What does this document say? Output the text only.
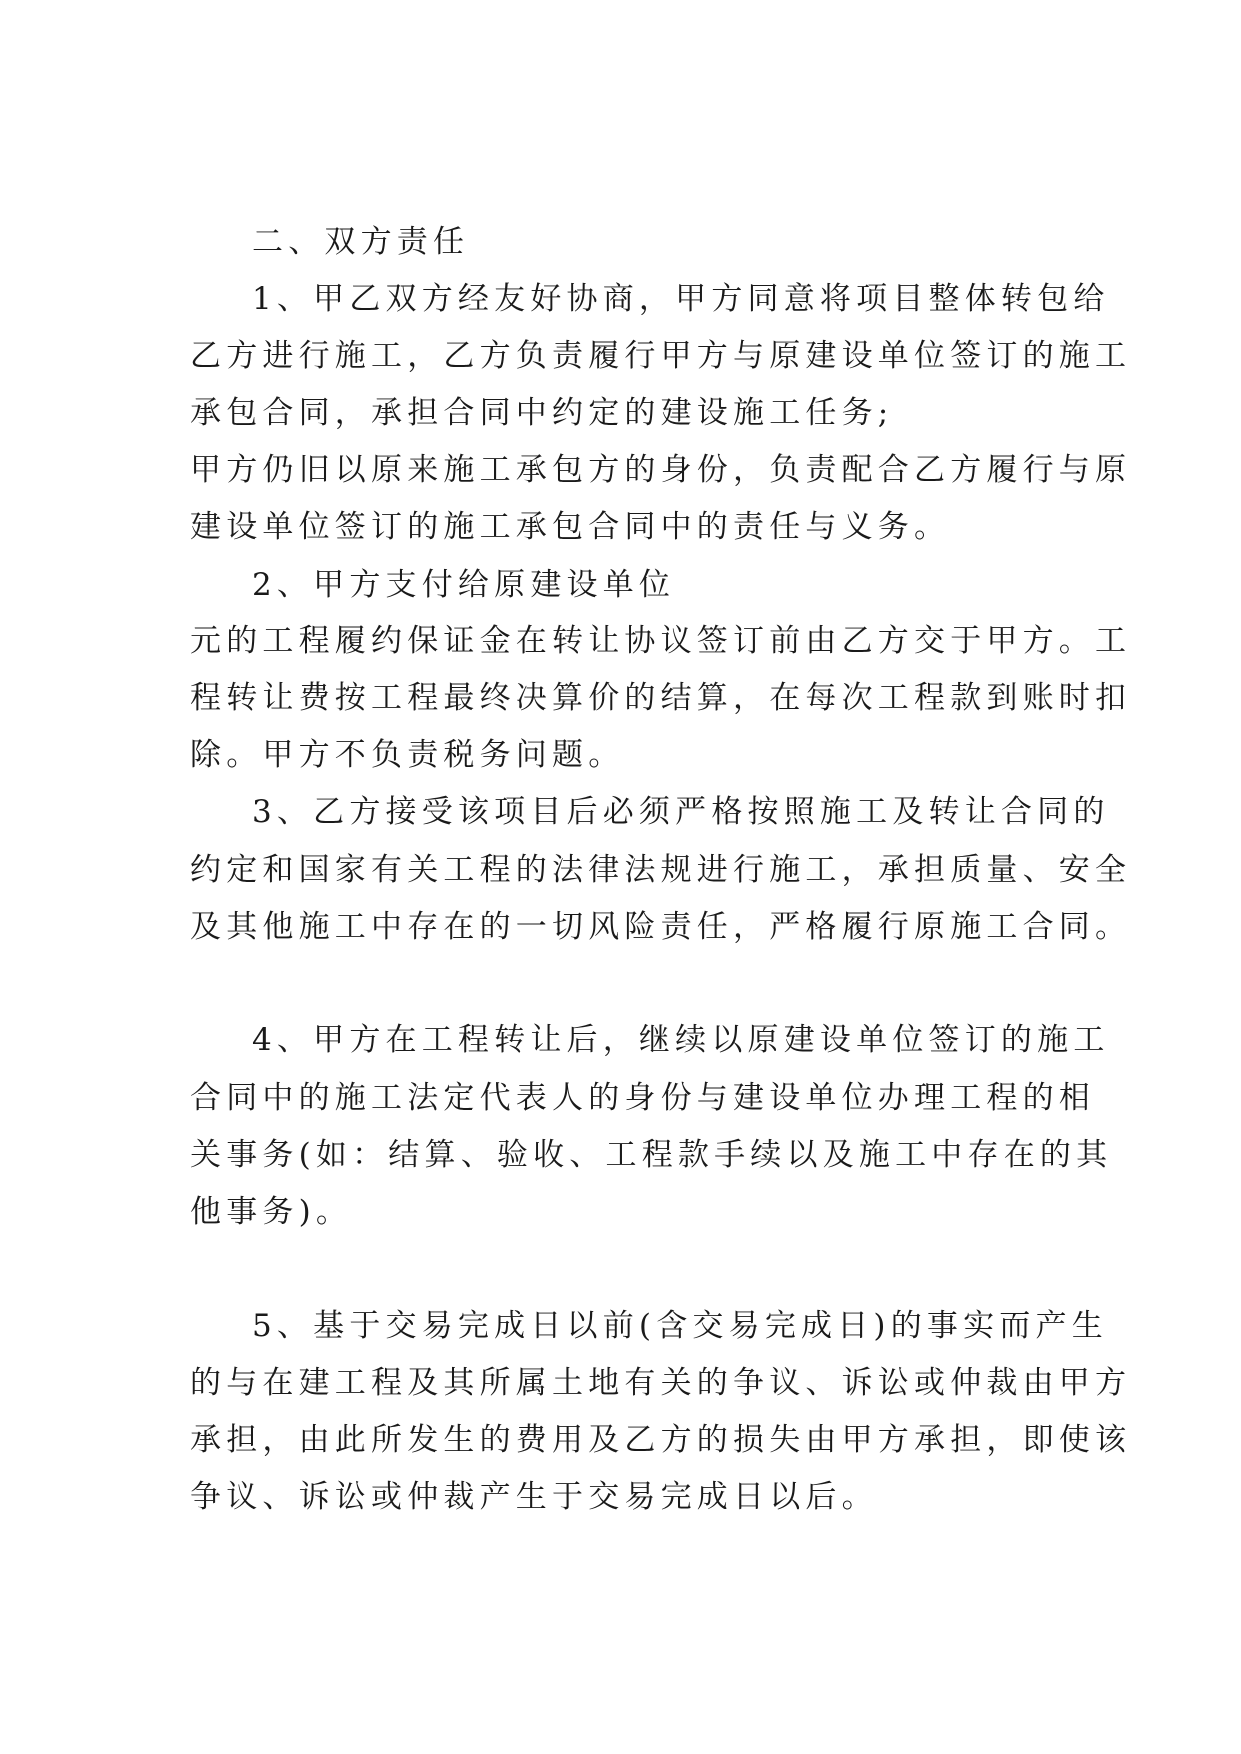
二、双方责任
1、甲乙双方经友好协商，甲方同意将项目整体转包给
乙方进行施工，乙方负责履行甲方与原建设单位签订的施工
承包合同，承担合同中约定的建设施工任务;
甲方仍旧以原来施工承包方的身份，负责配合乙方履行与原
建设单位签订的施工承包合同中的责任与义务。
2、甲方支付给原建设单位
元的工程履约保证金在转让协议签订前由乙方交于甲方。工
程转让费按工程最终决算价的结算，在每次工程款到账时扣
除。甲方不负责税务问题。
3、乙方接受该项目后必须严格按照施工及转让合同的
约定和国家有关工程的法律法规进行施工，承担质量、安全
及其他施工中存在的一切风险责任，严格履行原施工合同。
4、甲方在工程转让后，继续以原建设单位签订的施工
合同中的施工法定代表人的身份与建设单位办理工程的相
关事务(如：结算、验收、工程款手续以及施工中存在的其
他事务)。
5、基于交易完成日以前(含交易完成日)的事实而产生
的与在建工程及其所属土地有关的争议、诉讼或仲裁由甲方
承担，由此所发生的费用及乙方的损失由甲方承担，即使该
争议、诉讼或仲裁产生于交易完成日以后。
